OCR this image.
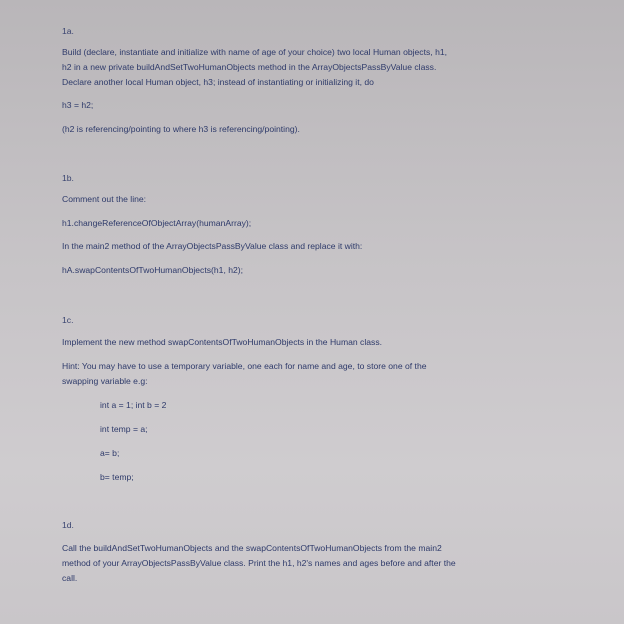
1a.

Build (declare, instantiate and initialize with name of age of your choice) two local Human objects, h1,

h2 in a new private buildAndSetTwoHumanObjects method in the ArrayObjectsPassByValue class.

Declare another local Human object, h3; instead of instantiating or initializing it, do

h3 = h2;

(h2 is referencing/pointing to where h3 is referencing/pointing).

1b.

Comment out the line:

h1.changeReferenceOfObjectArray(humanArray);

In the main2 method of the ArrayObjectsPassByValue class and replace it with:

hA.swapContentsOfTwoHumanObjects(h1, h2);

1c.

Implement the new method swapContentsOfTwoHumanObjects in the Human class.

Hint: You may have to use a temporary variable, one each for name and age, to store one of the

swapping variable e.g:

int a = 1; int b = 2

int temp = a;

a= b;

b= temp;

1d.

Call the buildAndSetTwoHumanObjects and the swapContentsOfTwoHumanObjects from the main2

method of your ArrayObjectsPassByValue class. Print the h1, h2's names and ages before and after the

call.
